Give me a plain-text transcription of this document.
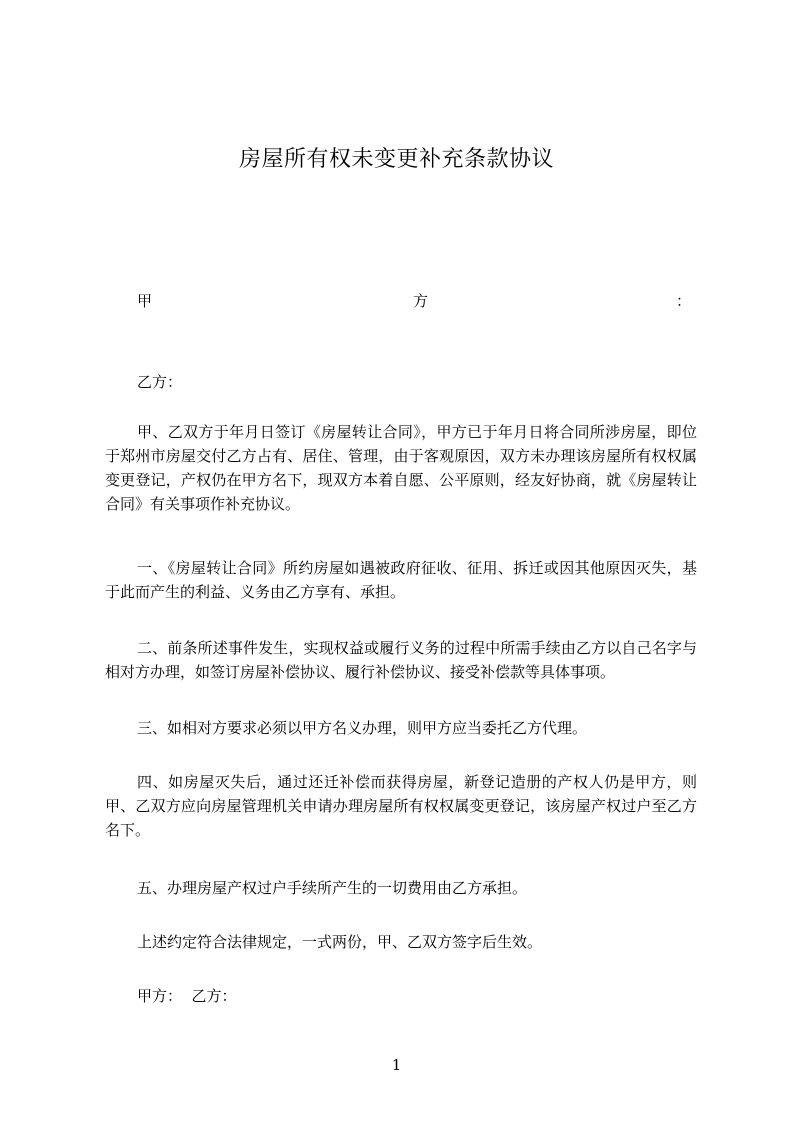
房屋所有权未变更补充条款协议
甲	方	：
乙方：
甲、乙双方于年月日签订《房屋转让合同》，甲方已于年月日将合同所涉房屋，即位于郑州市房屋交付乙方占有、居住、管理，由于客观原因，双方未办理该房屋所有权权属变更登记，产权仍在甲方名下，现双方本着自愿、公平原则，经友好协商，就《房屋转让合同》有关事项作补充协议。
一、《房屋转让合同》所约房屋如遇被政府征收、征用、拆迁或因其他原因灭失，基于此而产生的利益、义务由乙方享有、承担。
二、前条所述事件发生，实现权益或履行义务的过程中所需手续由乙方以自己名字与相对方办理，如签订房屋补偿协议、履行补偿协议、接受补偿款等具体事项。
三、如相对方要求必须以甲方名义办理，则甲方应当委托乙方代理。
四、如房屋灭失后，通过还迁补偿而获得房屋，新登记造册的产权人仍是甲方，则甲、乙双方应向房屋管理机关申请办理房屋所有权权属变更登记，该房屋产权过户至乙方名下。
五、办理房屋产权过户手续所产生的一切费用由乙方承担。
上述约定符合法律规定，一式两份，甲、乙双方签字后生效。
甲方：  乙方：
1
